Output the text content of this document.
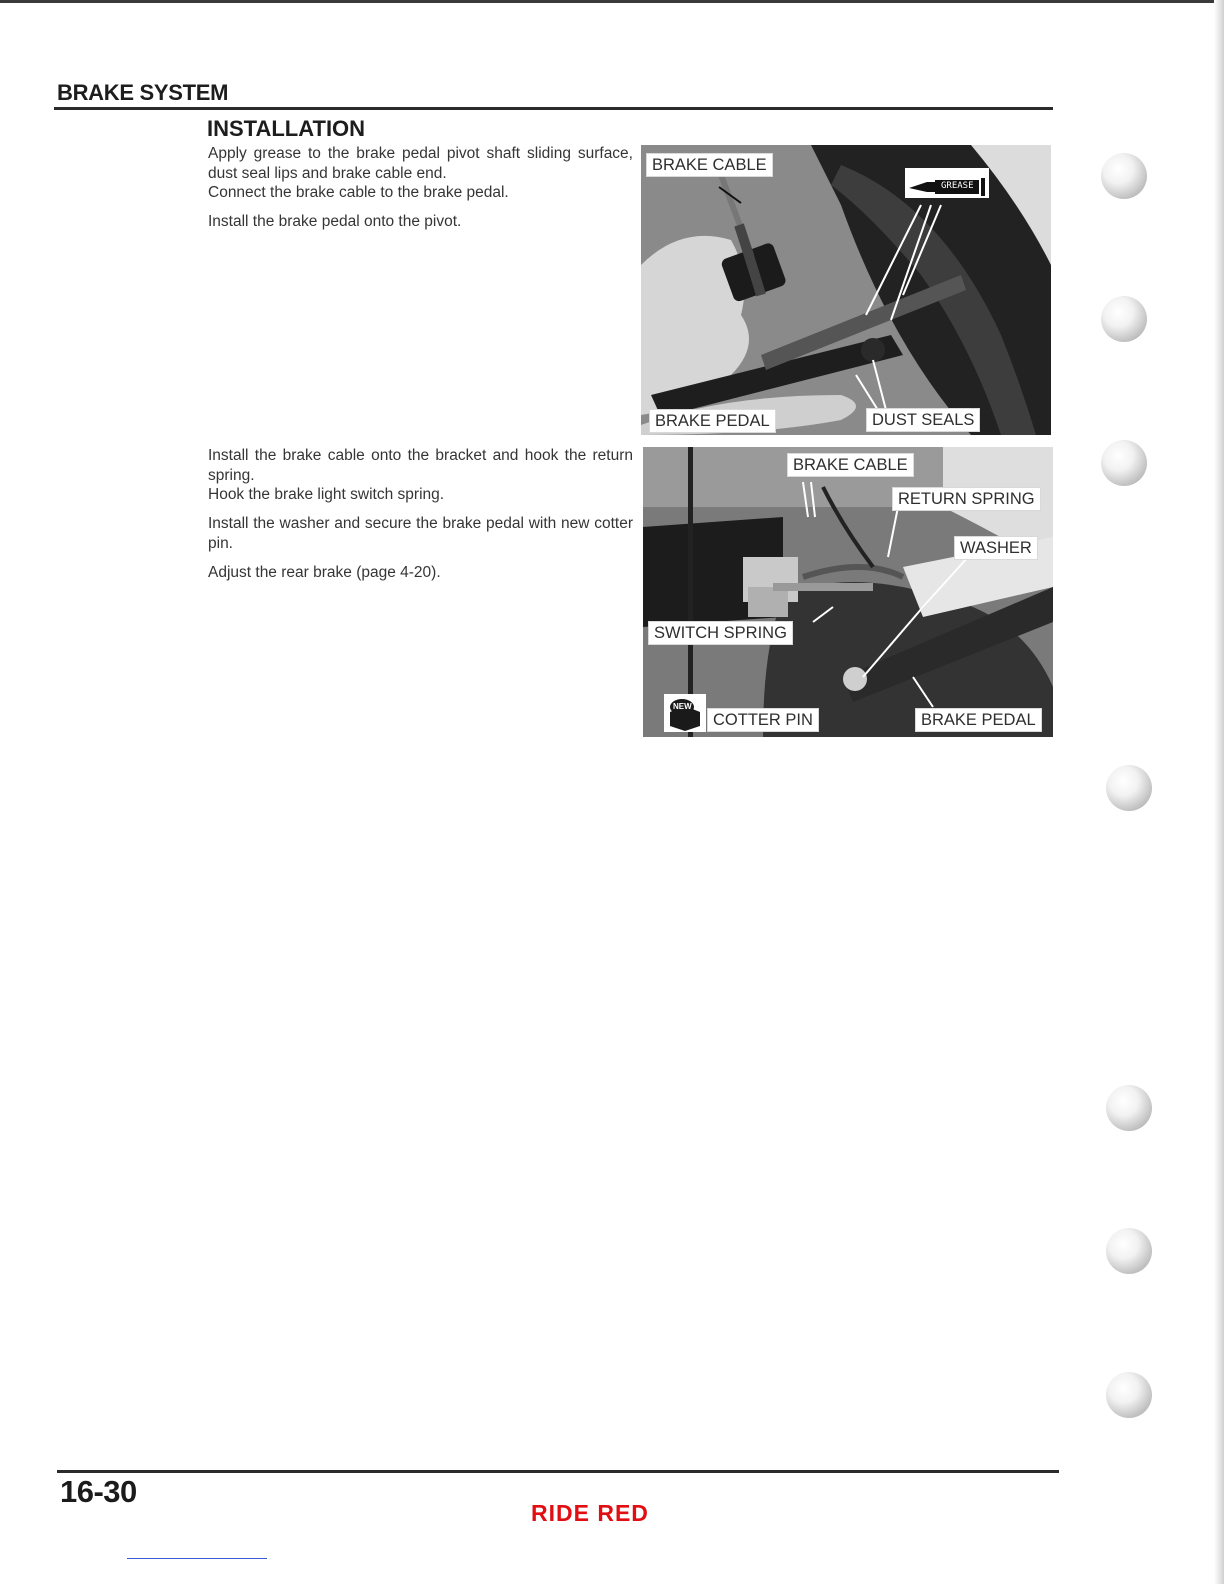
BRAKE SYSTEM
INSTALLATION

Apply grease to the brake pedal pivot shaft sliding surface, dust seal lips and brake cable end.
Connect the brake cable to the brake pedal.

Install the brake pedal onto the pivot.

Install the brake cable onto the bracket and hook the return spring.
Hook the brake light switch spring.

Install the washer and secure the brake pedal with new cotter pin.

Adjust the rear brake (page 4-20).

BRAKE CABLE
BRAKE PEDAL	DUST SEALS
GREASE
BRAKE CABLE
RETURN SPRING
WASHER
SWITCH SPRING
COTTER PIN	BRAKE PEDAL
NEW
16-30
RIDE RED
